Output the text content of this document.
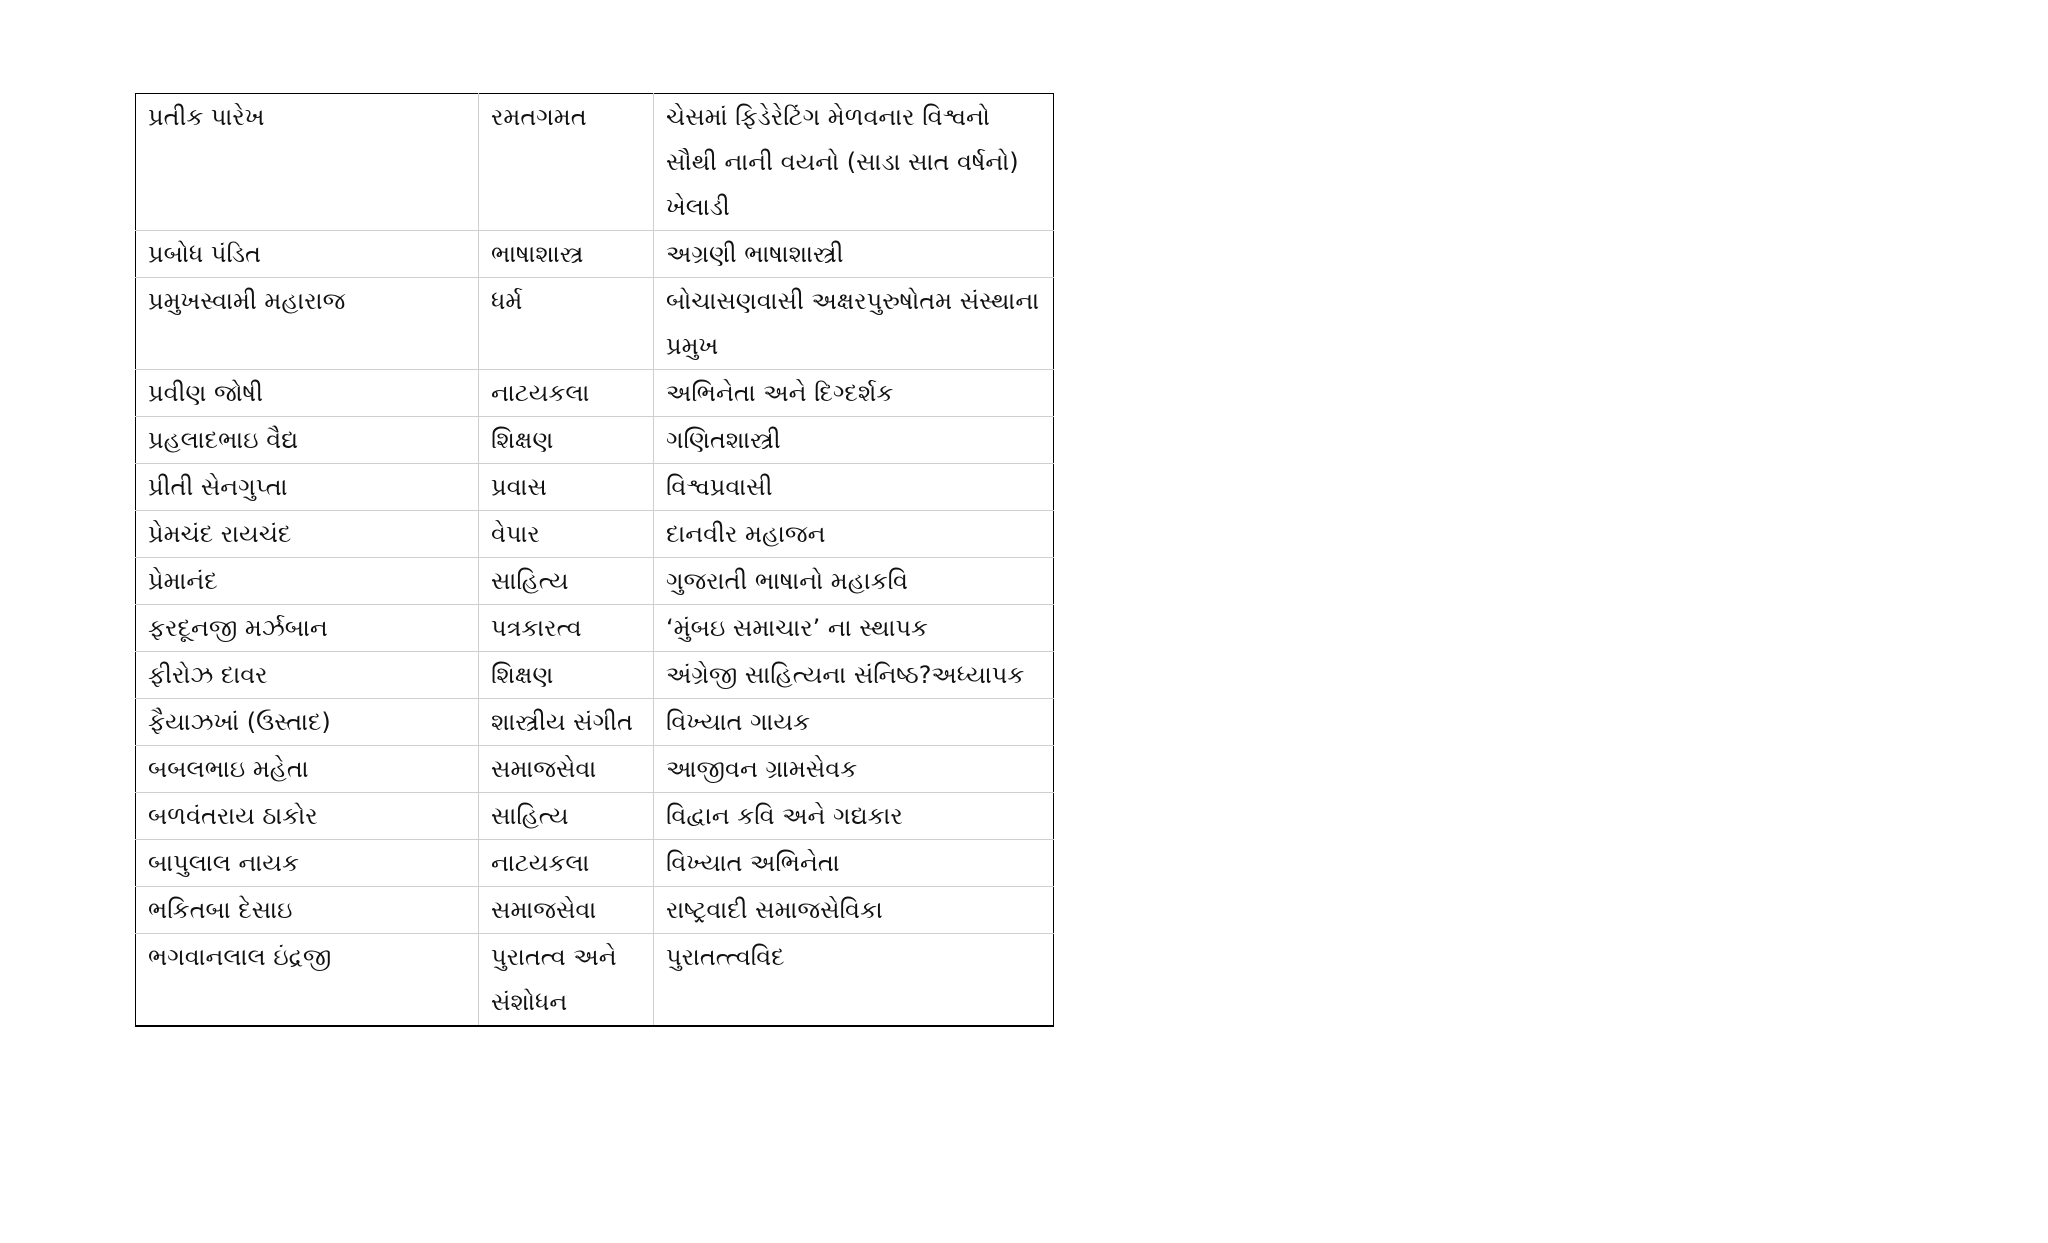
પ્રતીક પારેખ	રમતગમત	ચેસમાં ફિડેરેટિંગ મેળવનાર વિશ્વનો સૌથી નાની વયનો (સાડા સાત વર્ષનો) ખેલાડી
પ્રબોધ પંડિત	ભાષાશાસ્ત્ર	અગ્રણી ભાષાશાસ્ત્રી
પ્રમુખસ્વામી મહારાજ	ધર્મ	બોચાસણવાસી અક્ષરપુરુષોતમ સંસ્થાના પ્રમુખ
પ્રવીણ જોષી	નાટયકલા	અભિનેતા અને દિગ્દર્શક
પ્રહલાદભાઇ વૈદ્ય	શિક્ષણ	ગણિતશાસ્ત્રી
પ્રીતી સેનગુપ્તા	પ્રવાસ	વિશ્વપ્રવાસી
પ્રેમચંદ રાયચંદ	વેપાર	દાનવીર મહાજન
પ્રેમાનંદ	સાહિત્ય	ગુજરાતી ભાષાનો મહાકવિ
ફરદૂનજી મર્ઝબાન	પત્રકારત્વ	‘મુંબઇ સમાચાર’ ના સ્થાપક
ફીરોઝ દાવર	શિક્ષણ	અંગ્રેજી સાહિત્યના સંનિષ્ઠ?અધ્યાપક
ફૈયાઝખાં (ઉસ્તાદ)	શાસ્ત્રીય સંગીત	વિખ્યાત ગાયક
બબલભાઇ મહેતા	સમાજસેવા	આજીવન ગ્રામસેવક
બળવંતરાય ઠાકોર	સાહિત્ય	વિદ્વાન કવિ અને ગદ્યકાર
બાપુલાલ નાયક	નાટયકલા	વિખ્યાત અભિનેતા
ભકિતબા દેસાઇ	સમાજસેવા	રાષ્ટ્રવાદી સમાજસેવિકા
ભગવાનલાલ ઇંદ્રજી	પુરાતત્વ અને સંશોધન	પુરાતત્ત્વવિદ
